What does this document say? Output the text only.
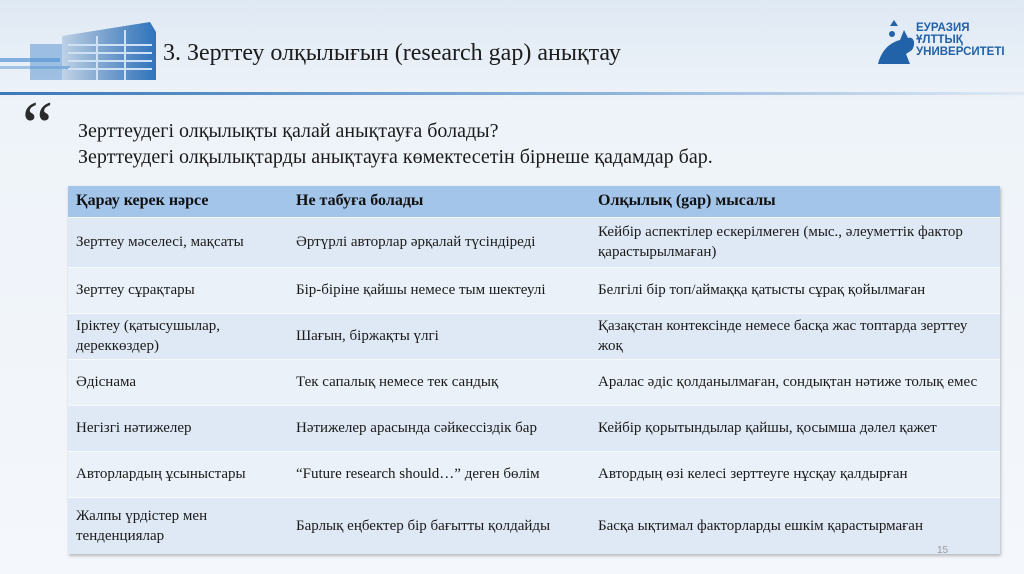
3. Зерттеу олқылығын (research gap) анықтау
ЕУРАЗИЯ
ҰЛТТЫҚ
УНИВЕРСИТЕТІ
“ Зерттеудегі олқылықты қалай анықтауға болады?
Зерттеудегі олқылықтарды анықтауға көмектесетін бірнеше қадамдар бар.
Қарау керек нәрсе	Не табуға болады	Олқылық (gap) мысалы
Зерттеу мәселесі, мақсаты	Әртүрлі авторлар әрқалай түсіндіреді	Кейбір аспектілер ескерілмеген (мыс., әлеуметтік фактор қарастырылмаған)
Зерттеу сұрақтары	Бір-біріне қайшы немесе тым шектеулі	Белгілі бір топ/аймаққа қатысты сұрақ қойылмаған
Іріктеу (қатысушылар, дереккөздер)	Шағын, біржақты үлгі	Қазақстан контексінде немесе басқа жас топтарда зерттеу жоқ
Әдіснама	Тек сапалық немесе тек сандық	Аралас әдіс қолданылмаған, сондықтан нәтиже толық емес
Негізгі нәтижелер	Нәтижелер арасында сәйкессіздік бар	Кейбір қорытындылар қайшы, қосымша дәлел қажет
Авторлардың ұсыныстары	“Future research should…” деген бөлім	Автордың өзі келесі зерттеуге нұсқау қалдырған
Жалпы үрдістер мен тенденциялар	Барлық еңбектер бір бағытты қолдайды	Басқа ықтимал факторларды ешкім қарастырмаған
15
